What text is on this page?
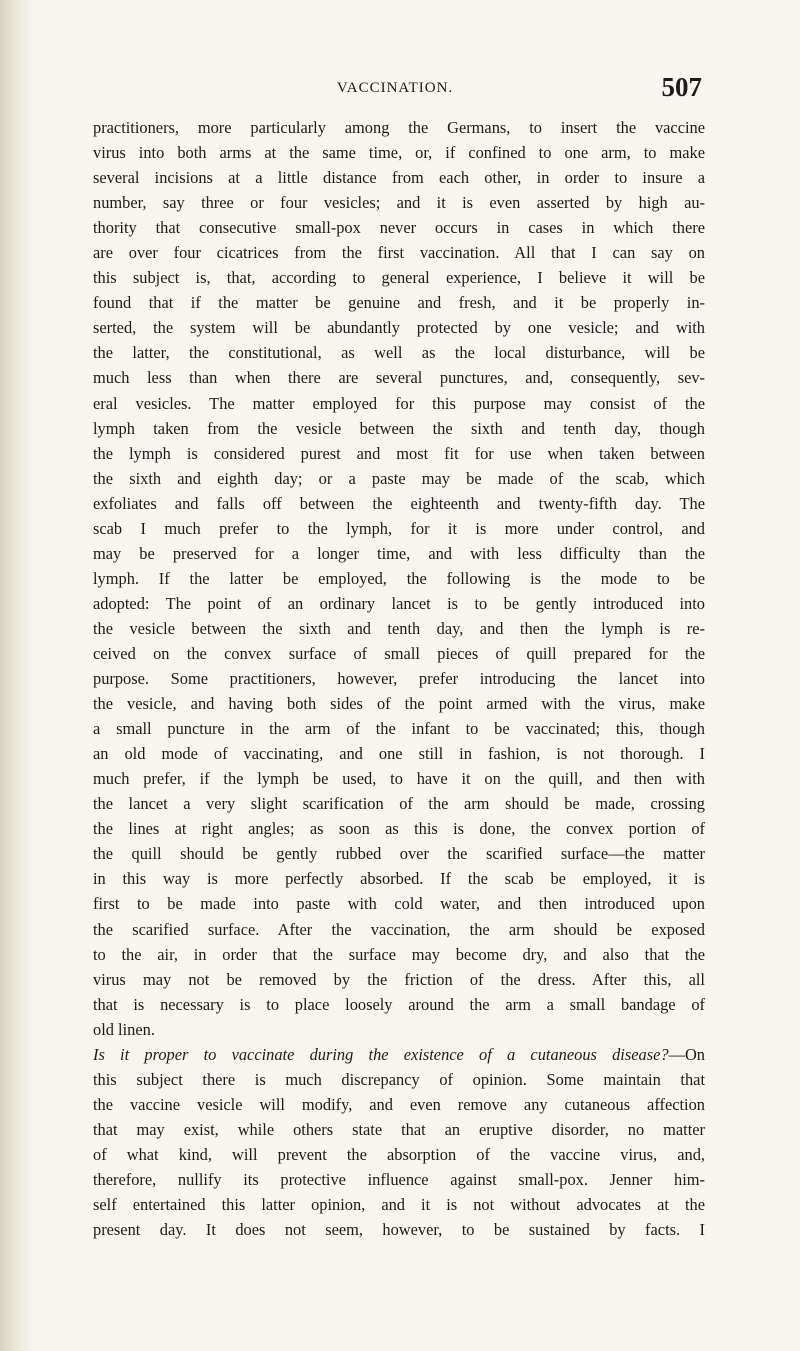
VACCINATION.	507
practitioners, more particularly among the Germans, to insert the vaccine
virus into both arms at the same time, or, if confined to one arm, to make
several incisions at a little distance from each other, in order to insure a
number, say three or four vesicles; and it is even asserted by high au-
thority that consecutive small-pox never occurs in cases in which there
are over four cicatrices from the first vaccination. All that I can say on
this subject is, that, according to general experience, I believe it will be
found that if the matter be genuine and fresh, and it be properly in-
serted, the system will be abundantly protected by one vesicle; and with
the latter, the constitutional, as well as the local disturbance, will be
much less than when there are several punctures, and, consequently, sev-
eral vesicles. The matter employed for this purpose may consist of the
lymph taken from the vesicle between the sixth and tenth day, though
the lymph is considered purest and most fit for use when taken between
the sixth and eighth day; or a paste may be made of the scab, which
exfoliates and falls off between the eighteenth and twenty-fifth day. The
scab I much prefer to the lymph, for it is more under control, and
may be preserved for a longer time, and with less difficulty than the
lymph. If the latter be employed, the following is the mode to be
adopted: The point of an ordinary lancet is to be gently introduced into
the vesicle between the sixth and tenth day, and then the lymph is re-
ceived on the convex surface of small pieces of quill prepared for the
purpose. Some practitioners, however, prefer introducing the lancet into
the vesicle, and having both sides of the point armed with the virus, make
a small puncture in the arm of the infant to be vaccinated; this, though
an old mode of vaccinating, and one still in fashion, is not thorough. I
much prefer, if the lymph be used, to have it on the quill, and then with
the lancet a very slight scarification of the arm should be made, crossing
the lines at right angles; as soon as this is done, the convex portion of
the quill should be gently rubbed over the scarified surface—the matter
in this way is more perfectly absorbed. If the scab be employed, it is
first to be made into paste with cold water, and then introduced upon
the scarified surface. After the vaccination, the arm should be exposed
to the air, in order that the surface may become dry, and also that the
virus may not be removed by the friction of the dress. After this, all
that is necessary is to place loosely around the arm a small bandage of
old linen.
Is it proper to vaccinate during the existence of a cutaneous disease?—On
this subject there is much discrepancy of opinion. Some maintain that
the vaccine vesicle will modify, and even remove any cutaneous affection
that may exist, while others state that an eruptive disorder, no matter
of what kind, will prevent the absorption of the vaccine virus, and,
therefore, nullify its protective influence against small-pox. Jenner him-
self entertained this latter opinion, and it is not without advocates at the
present day. It does not seem, however, to be sustained by facts. I
